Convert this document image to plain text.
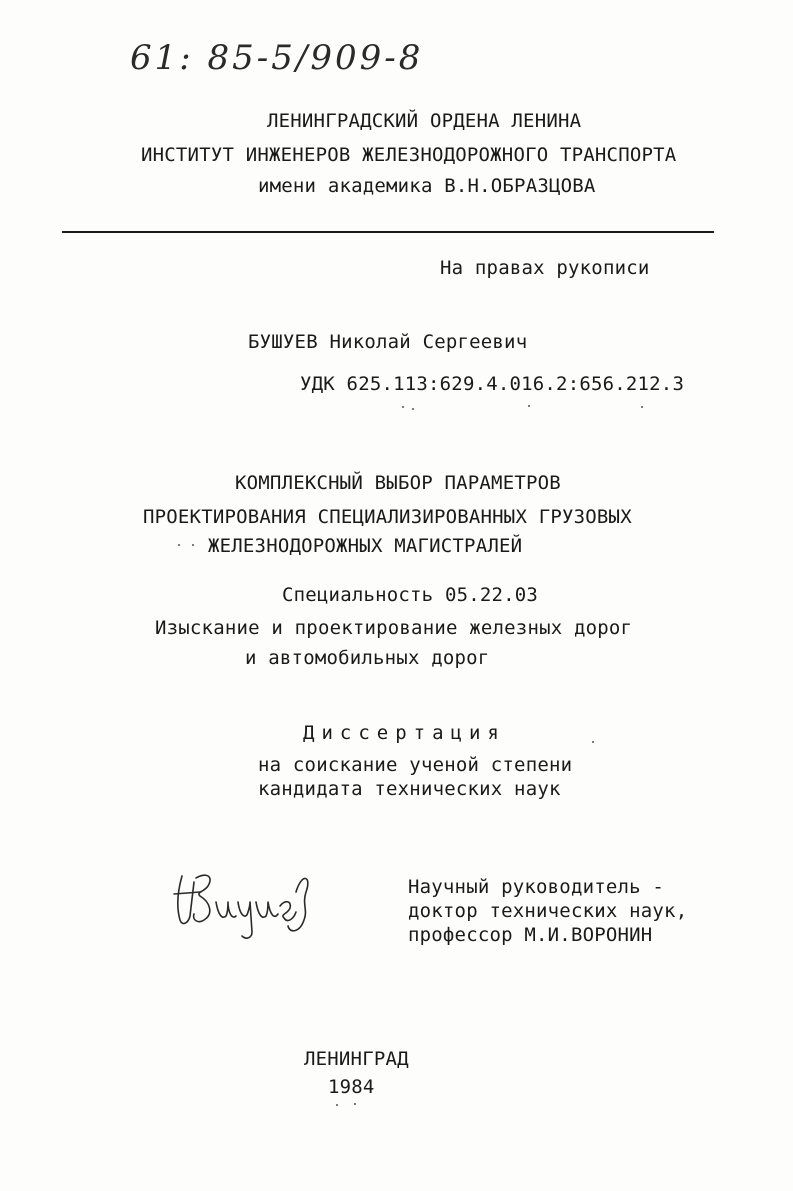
61: 85-5/909-8
ЛЕНИНГРАДСКИЙ ОРДЕНА ЛЕНИНА
ИНСТИТУТ ИНЖЕНЕРОВ ЖЕЛЕЗНОДОРОЖНОГО ТРАНСПОРТА
имени академика В.Н.ОБРАЗЦОВА
На правах рукописи
БУШУЕВ Николай Сергеевич
УДК 625.113:629.4.016.2:656.212.3
КОМПЛЕКСНЫЙ ВЫБОР ПАРАМЕТРОВ
ПРОЕКТИРОВАНИЯ СПЕЦИАЛИЗИРОВАННЫХ ГРУЗОВЫХ
ЖЕЛЕЗНОДОРОЖНЫХ МАГИСТРАЛЕЙ
Специальность 05.22.03
Изыскание и проектирование железных дорог
и автомобильных дорог
Диссертация
на соискание ученой степени
кандидата технических наук
Научный руководитель -
доктор технических наук,
профессор М.И.ВОРОНИН
ЛЕНИНГРАД
1984
